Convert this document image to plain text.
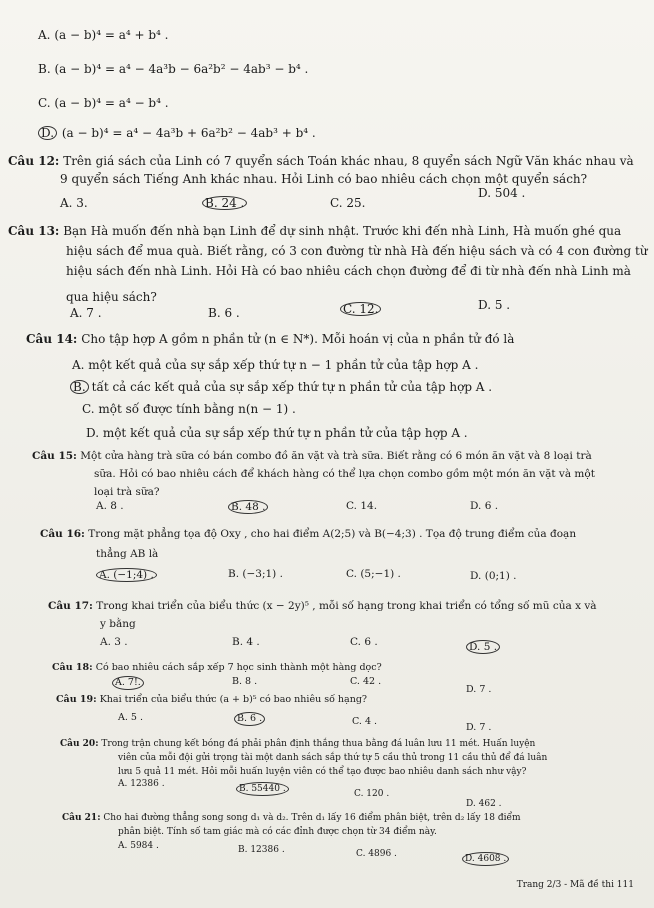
A. (a − b)⁴ = a⁴ + b⁴ .
B. (a − b)⁴ = a⁴ − 4a³b − 6a²b² − 4ab³ − b⁴ .
C. (a − b)⁴ = a⁴ − b⁴ .
D. (a − b)⁴ = a⁴ − 4a³b + 6a²b² − 4ab³ + b⁴ .
Câu 12: Trên giá sách của Linh có 7 quyển sách Toán khác nhau, 8 quyển sách Ngữ Văn khác nhau và
9 quyển sách Tiếng Anh khác nhau. Hỏi Linh có bao nhiêu cách chọn một quyển sách?
A. 3.	B. 24 .	C. 25.
D. 504 .
Câu 13: Bạn Hà muốn đến nhà bạn Linh để dự sinh nhật. Trước khi đến nhà Linh, Hà muốn ghé qua
hiệu sách để mua quà. Biết rằng, có 3 con đường từ nhà Hà đến hiệu sách và có 4 con đường từ
hiệu sách đến nhà Linh. Hỏi Hà có bao nhiêu cách chọn đường để đi từ nhà đến nhà Linh mà
qua hiệu sách?
A. 7 .	B. 6 .	C. 12.	D. 5 .
Câu 14: Cho tập hợp A gồm n phần tử (n ∈ N*). Mỗi hoán vị của n phần tử đó là
A. một kết quả của sự sắp xếp thứ tự n − 1 phần tử của tập hợp A .
B. tất cả các kết quả của sự sắp xếp thứ tự n phần tử của tập hợp A .
C. một số được tính bằng n(n − 1) .
D. một kết quả của sự sắp xếp thứ tự n phần tử của tập hợp A .
Câu 15: Một cửa hàng trà sữa có bán combo đồ ăn vặt và trà sữa. Biết rằng có 6 món ăn vặt và 8 loại trà
sữa. Hỏi có bao nhiêu cách để khách hàng có thể lựa chọn combo gồm một món ăn vặt và một
loại trà sữa?
A. 8 .	B. 48 .	C. 14.	D. 6 .
Câu 16: Trong mặt phẳng tọa độ Oxy , cho hai điểm A(2;5) và B(−4;3) . Tọa độ trung điểm của đoạn
thẳng AB là
A. (−1;4) .	B. (−3;1) .	C. (5;−1) .	D. (0;1) .
Câu 17: Trong khai triển của biểu thức (x − 2y)⁵ , mỗi số hạng trong khai triển có tổng số mũ của x và
y bằng
A. 3 .	B. 4 .	C. 6 .	D. 5 .
Câu 18: Có bao nhiêu cách sắp xếp 7 học sinh thành một hàng dọc?
A. 7!.	B. 8 .	C. 42 .
D. 7 .
Câu 19: Khai triển của biểu thức (a + b)⁵ có bao nhiêu số hạng?
A. 5 .	B. 6 .	C. 4 .
D. 7 .
Câu 20: Trong trận chung kết bóng đá phải phân định thắng thua bằng đá luân lưu 11 mét. Huấn luyện
viên của mỗi đội gửi trọng tài một danh sách sắp thứ tự 5 cầu thủ trong 11 cầu thủ để đá luân
lưu 5 quả 11 mét. Hỏi mỗi huấn luyện viên có thể tạo được bao nhiêu danh sách như vậy?
A. 12386 .	B. 55440 .	C. 120 .
D. 462 .
Câu 21: Cho hai đường thẳng song song d₁ và d₂. Trên d₁ lấy 16 điểm phân biệt, trên d₂ lấy 18 điểm
phân biệt. Tính số tam giác mà có các đỉnh được chọn từ 34 điểm này.
A. 5984 .	B. 12386 .	C. 4896 .	D. 4608 .
Trang 2/3 - Mã đề thi 111
